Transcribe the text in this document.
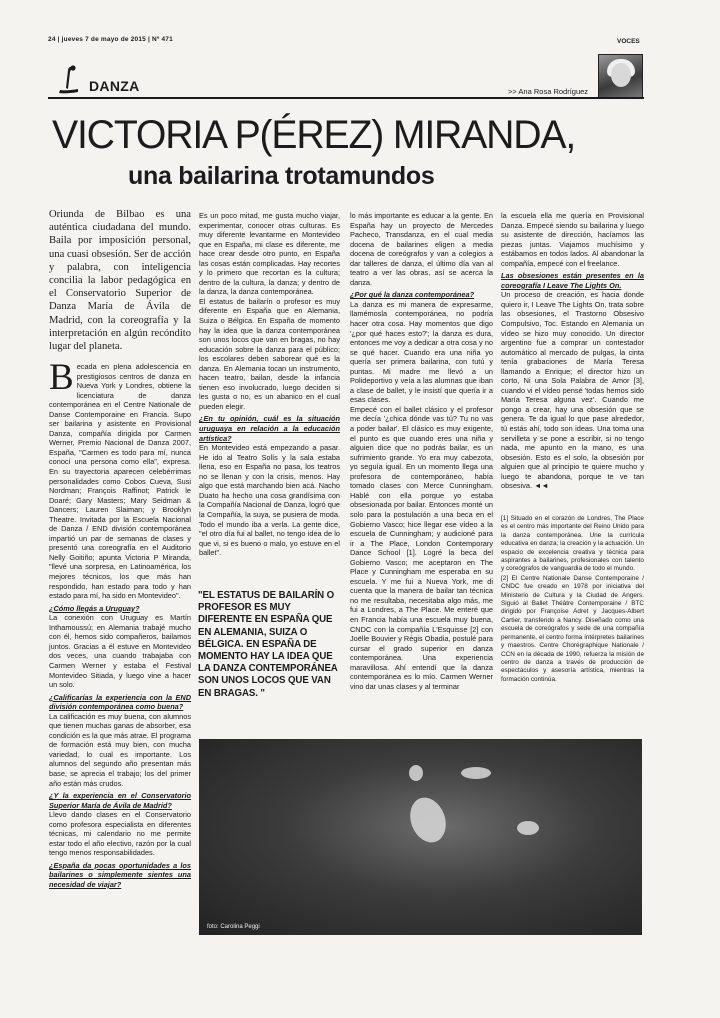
24 | jueves 7 de mayo de 2015 | Nº 471	VOCES
DANZA	>> Ana Rosa Rodríguez
VICTORIA P(ÉREZ) MIRANDA,
una bailarina trotamundos
Oriunda de Bilbao es una auténtica ciudadana del mundo. Baila por imposición personal, una cuasi obsesión. Ser de acción y palabra, con inteligencia concilia la labor pedagógica en el Conservatorio Superior de Danza María de Ávila de Madrid, con la coreografía y la interpretación en algún recóndito lugar del planeta.

Becada en plena adolescencia en prestigiosos centros de danza en Nueva York y Londres, obtiene la licenciatura de danza contemporánea en el Centre Nationale de Danse Contemporaine en Francia. Supo ser bailarina y asistente en Provisional Danza, compañía dirigida por Carmen Werner, Premio Nacional de Danza 2007, España, "Carmen es todo para mí, nunca conocí una persona como ella", expresa. En su trayectoria aparecen celebérrimas personalidades como Cobos Cueva, Susi Nordman; François Raffinot; Patrick le Doaré; Gary Masters; Mary Seidman & Dancers; Lauren Slaiman; y Brooklyn Theatre. Invitada por la Escuela Nacional de Danza / END división contemporánea impartió un par de semanas de clases y presentó una coreografía en el Auditorio Nelly Goitiño; apunta Victoria P Miranda, "llevé una sorpresa, en Latinoamérica, los mejores técnicos, los que más han respondido, han estado para todo y han estado para mí, ha sido en Montevideo".

¿Cómo llegás a Uruguay?

La conexión con Uruguay es Martín Inthamoussú; en Alemania trabajé mucho con él, hemos sido compañeros, bailamos juntos. Gracias a él estuve en Montevideo dos veces, una cuando trabajaba con Carmen Werner y estaba el Festival Montevideo Sitiada, y luego vine a hacer un solo.

¿Calificarías la experiencia con la END división contemporánea como buena?

La calificación es muy buena, con alumnos que tienen muchas ganas de absorber, esa condición es la que más atrae. El programa de formación está muy bien, con mucha variedad, lo cual es importante. Los alumnos del segundo año presentan más base, se aprecia el trabajo; los del primer año están más crudos.

¿Y la experiencia en el Conservatorio Superior María de Ávila de Madrid?

Llevo dando clases en el Conservatorio como profesora especialista en diferentes técnicas, mi calendario no me permite estar todo el año electivo, razón por la cual tengo menos responsabilidades.

¿España da pocas oportunidades a los bailarines o simplemente sientes una necesidad de viajar?

Es un poco mitad, me gusta mucho viajar, experimentar, conocer otras culturas. Es muy diferente levantarme en Montevideo que en España, mi clase es diferente, me hace crear desde otro punto, en España las cosas están complicadas. Hay recortes y lo primero que recortan es la cultura; dentro de la cultura, la danza; y dentro de la danza, la danza contemporánea.

El estatus de bailarín o profesor es muy diferente en España que en Alemania, Suiza o Bélgica. En España de momento hay la idea que la danza contemporánea son unos locos que van en bragas, no hay educación sobre la danza para el público; los escolares deben saborear qué es la danza. En Alemania tocan un instrumento, hacen teatro, bailan, desde la infancia tienen eso involucrado, luego deciden si les gusta o no, es un abanico en el cual pueden elegir.

¿En tu opinión, cuál es la situación uruguaya en relación a la educación artística?

En Montevideo está empezando a pasar. He ido al Teatro Solís y la sala estaba llena, eso en España no pasa, los teatros no se llenan y con la crisis, menos. Hay algo que está marchando bien acá. Nacho Duato ha hecho una cosa grandísima con la Compañía Nacional de Danza, logró que la Compañía, la suya, se pusiera de moda. Todo el mundo iba a verla. La gente dice, "el otro día fui al ballet, no tengo idea de lo que vi, si es bueno o malo, yo estuve en el ballet".

"EL ESTATUS DE BAILARÍN O PROFESOR ES MUY DIFERENTE EN ESPAÑA QUE EN ALEMANIA, SUIZA O BÉLGICA. EN ESPAÑA DE MOMENTO HAY LA IDEA QUE LA DANZA CONTEMPORÁNEA SON UNOS LOCOS QUE VAN EN BRAGAS. "

lo más importante es educar a la gente. En España hay un proyecto de Mercedes Pacheco, Transdanza, en el cual media docena de bailarines eligen a media docena de coreógrafos y van a colegios a dar talleres de danza, el último día van al teatro a ver las obras, así se acerca la danza.

¿Por qué la danza contemporánea?

La danza es mi manera de expresarme, llamémosla contemporánea, no podría hacer otra cosa. Hay momentos que digo '¿por qué haces esto?'; la danza es dura, entonces me voy a dedicar a otra cosa y no se qué hacer. Cuando era una niña yo quería ser primera bailarina, con tutú y puntas. Mi madre me llevó a un Polideportivo y veía a las alumnas que iban a clase de ballet, y le insistí que quería ir a esas clases.

Empecé con el ballet clásico y el profesor me decía '¿chica dónde vas tú? Tu no vas a poder bailar'. El clásico es muy exigente, el punto es que cuando eres una niña y alguien dice que no podrás bailar, es un sufrimiento grande. Yo era muy cabezota, yo seguía igual. En un momento llega una profesora de contemporáneo, había tomado clases con Merce Cunningham. Hablé con ella porque yo estaba obsesionada por bailar. Entonces monté un solo para la postulación a una beca en el Gobierno Vasco; hice llegar ese vídeo a la escuela de Cunningham; y audicioné para ir a The Place, London Contemporary Dance School [1]. Logré la beca del Gobierno Vasco; me aceptaron en The Place y Cunningham me esperaba en su escuela. Y me fui a Nueva York, me di cuenta que la manera de bailar tan técnica no me resultaba, necesitaba algo más, me fui a Londres, a The Place. Me enteré que en Francia había una escuela muy buena, CNDC con la compañía L'Esquisse [2] con Joëlle Bouvier y Régis Obadia, postulé para cursar el grado superior en danza contemporánea. Una experiencia maravillosa. Ahí entendí que la danza contemporánea es lo mío. Carmen Werner vino dar unas clases y al terminar

la escuela ella me quería en Provisional Danza. Empecé siendo su bailarina y luego su asistente de dirección, hacíamos las piezas juntas. Viajamos muchísimo y estábamos en todos lados. Al abandonar la compañía, empecé con el freelance.

Las obsesiones están presentes en la coreografía I Leave The Lights On.

Un proceso de creación, es hacia donde quiero ir, I Leave The Lights On, trata sobre las obsesiones, el Trastorno Obsesivo Compulsivo, Toc. Estando en Alemania un vídeo se hizo muy conocido. Un director argentino fue a comprar un contestador automático al mercado de pulgas, la cinta tenía grabaciones de María Teresa llamando a Enrique; el director hizo un corto, Ni una Sola Palabra de Amor [3], cuando vi el vídeo pensé 'todas hemos sido María Teresa alguna vez'. Cuando me pongo a crear, hay una obsesión que se genera. Te da igual lo que pase alrededor, tú estás ahí, todo son ideas. Una toma una servilleta y se pone a escribir, si no tengo nada, me apunto en la mano, es una obsesión. Esto es el solo, la obsesión por alguien que al principio te quiere mucho y luego te abandona, porque te ve tan obsesiva. ◄◄

[1] Situado en el corazón de Londres, The Place es el centro más importante del Reino Unido para la danza contemporánea. Une la currícula educativa en danza; la creación y la actuación. Un espacio de excelencia creativa y técnica para aspirantes a bailarines, profesionales con talento y coreógrafos de vanguardia de todo el mundo.

[2] El Centre Nationale Danse Contemporaine / CNDC fue creado en 1978 por iniciativa del Ministerio de Cultura y la Ciudad de Angers. Siguió al Ballet Théâtre Contemporaine / BTC dirigido por Françoise Adret y Jacques-Albert Cartier, transferido a Nancy. Diseñado como una escuela de coreógrafos y sede de una compañía permanente, el centro forma intérpretes bailarines y maestros. Centre Chorégraphique Nationale / CCN en la década de 1990, refuerza la misión de centro de danza a través de producción de espectáculos y asesoría artística, mientras la formación continúa.

foto: Carolina Peggi
